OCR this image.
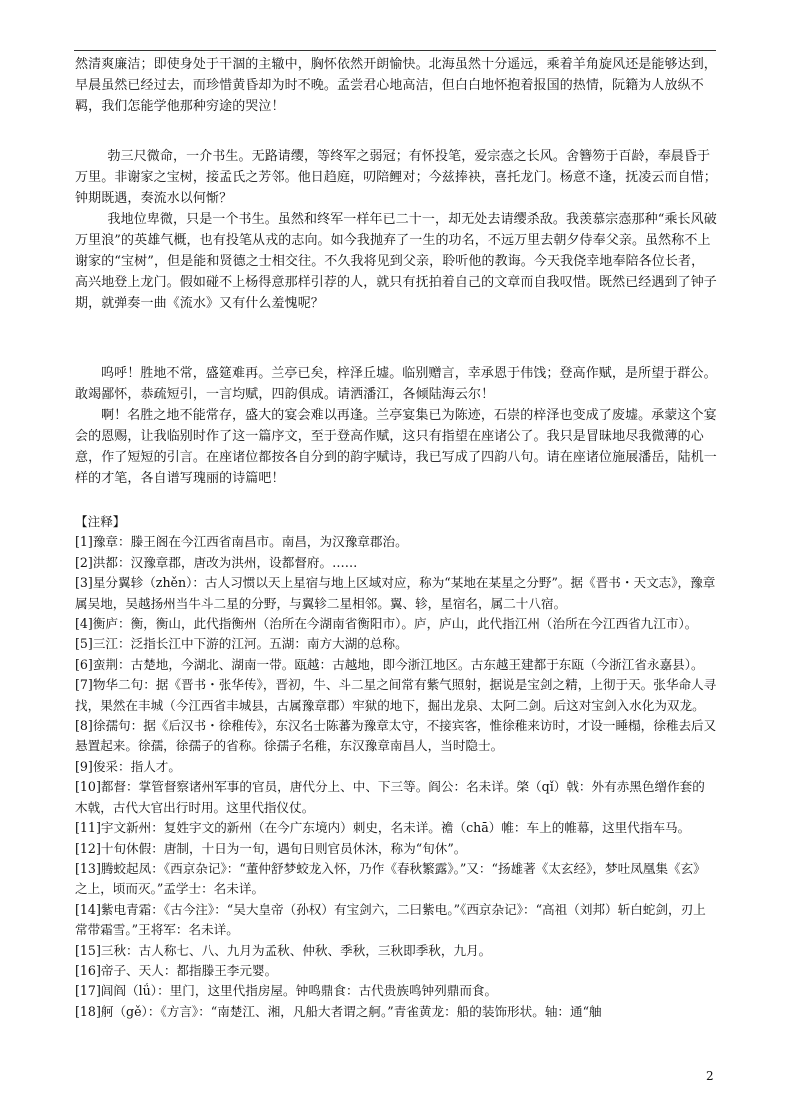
然清爽廉洁；即使身处于干涸的主辙中，胸怀依然开朗愉快。北海虽然十分遥远，乘着羊角旋风还是能够达到，早晨虽然已经过去，而珍惜黄昏却为时不晚。孟尝君心地高洁，但白白地怀抱着报国的热情，阮籍为人放纵不羁，我们怎能学他那种穷途的哭泣！

勃三尺微命，一介书生。无路请缨，等终军之弱冠；有怀投笔，爱宗悫之长风。舍簪笏于百龄，奉晨昏于万里。非谢家之宝树，接孟氏之芳邻。他日趋庭，叨陪鲤对；今兹捧袂，喜托龙门。杨意不逢，抚凌云而自惜；钟期既遇，奏流水以何惭？

我地位卑微，只是一个书生。虽然和终军一样年已二十一，却无处去请缨杀敌。我羡慕宗悫那种“乘长风破万里浪”的英雄气概，也有投笔从戎的志向。如今我抛弃了一生的功名，不远万里去朝夕侍奉父亲。虽然称不上谢家的“宝树”，但是能和贤德之士相交往。不久我将见到父亲，聆听他的教诲。今天我侥幸地奉陪各位长者，高兴地登上龙门。假如碰不上杨得意那样引荐的人，就只有抚拍着自己的文章而自我叹惜。既然已经遇到了钟子期，就弹奏一曲《流水》又有什么羞愧呢？

呜呼！胜地不常，盛筵难再。兰亭已矣，梓泽丘墟。临别赠言，幸承恩于伟饯；登高作赋，是所望于群公。敢竭鄙怀，恭疏短引，一言均赋，四韵俱成。请洒潘江，各倾陆海云尔！

啊！名胜之地不能常存，盛大的宴会难以再逢。兰亭宴集已为陈迹，石崇的梓泽也变成了废墟。承蒙这个宴会的恩赐，让我临别时作了这一篇序文，至于登高作赋，这只有指望在座诸公了。我只是冒昧地尽我微薄的心意，作了短短的引言。在座诸位都按各自分到的韵字赋诗，我已写成了四韵八句。请在座诸位施展潘岳，陆机一样的才笔，各自谱写瑰丽的诗篇吧！

【注释】

[1]豫章：滕王阁在今江西省南昌市。南昌，为汉豫章郡治。

[2]洪都：汉豫章郡，唐改为洪州，设都督府。……

[3]星分翼轸（zhěn）：古人习惯以天上星宿与地上区域对应，称为“某地在某星之分野”。据《晋书・天文志》，豫章属吴地，吴越扬州当牛斗二星的分野，与翼轸二星相邻。翼、轸，星宿名，属二十八宿。

[4]衡庐：衡，衡山，此代指衡州（治所在今湖南省衡阳市）。庐，庐山，此代指江州（治所在今江西省九江市）。

[5]三江：泛指长江中下游的江河。五湖：南方大湖的总称。

[6]蛮荆：古楚地，今湖北、湖南一带。瓯越：古越地，即今浙江地区。古东越王建都于东瓯（今浙江省永嘉县）。

[7]物华二句：据《晋书・张华传》，晋初，牛、斗二星之间常有紫气照射，据说是宝剑之精，上彻于天。张华命人寻找，果然在丰城（今江西省丰城县，古属豫章郡）牢狱的地下，掘出龙泉、太阿二剑。后这对宝剑入水化为双龙。

[8]徐孺句：据《后汉书・徐稚传》，东汉名士陈蕃为豫章太守，不接宾客，惟徐稚来访时，才设一睡榻，徐稚去后又悬置起来。徐孺，徐孺子的省称。徐孺子名稚，东汉豫章南昌人，当时隐士。

[9]俊采：指人才。

[10]都督：掌管督察诸州军事的官员，唐代分上、中、下三等。阎公：名未详。棨（qǐ）戟：外有赤黑色缯作套的木戟，古代大官出行时用。这里代指仪仗。

[11]宇文新州：复姓宇文的新州（在今广东境内）刺史，名未详。襜（chā）帷：车上的帷幕，这里代指车马。

[12]十旬休假：唐制，十日为一旬，遇旬日则官员休沐，称为“旬休”。

[13]腾蛟起凤：《西京杂记》：“董仲舒梦蛟龙入怀，乃作《春秋繁露》。”又：“扬雄著《太玄经》，梦吐凤凰集《玄》之上，顷而灭。”孟学士：名未详。

[14]紫电青霜：《古今注》：“吴大皇帝（孙权）有宝剑六，二曰紫电。”《西京杂记》：“高祖（刘邦）斩白蛇剑，刃上常带霜雪。”王将军：名未详。

[15]三秋：古人称七、八、九月为孟秋、仲秋、季秋，三秋即季秋，九月。

[16]帝子、天人：都指滕王李元婴。

[17]闾阎（lǘ）：里门，这里代指房屋。钟鸣鼎食：古代贵族鸣钟列鼎而食。

[18]舸（gě）：《方言》：“南楚江、湘，凡船大者谓之舸。”青雀黄龙：船的装饰形状。轴：通“舳

2
